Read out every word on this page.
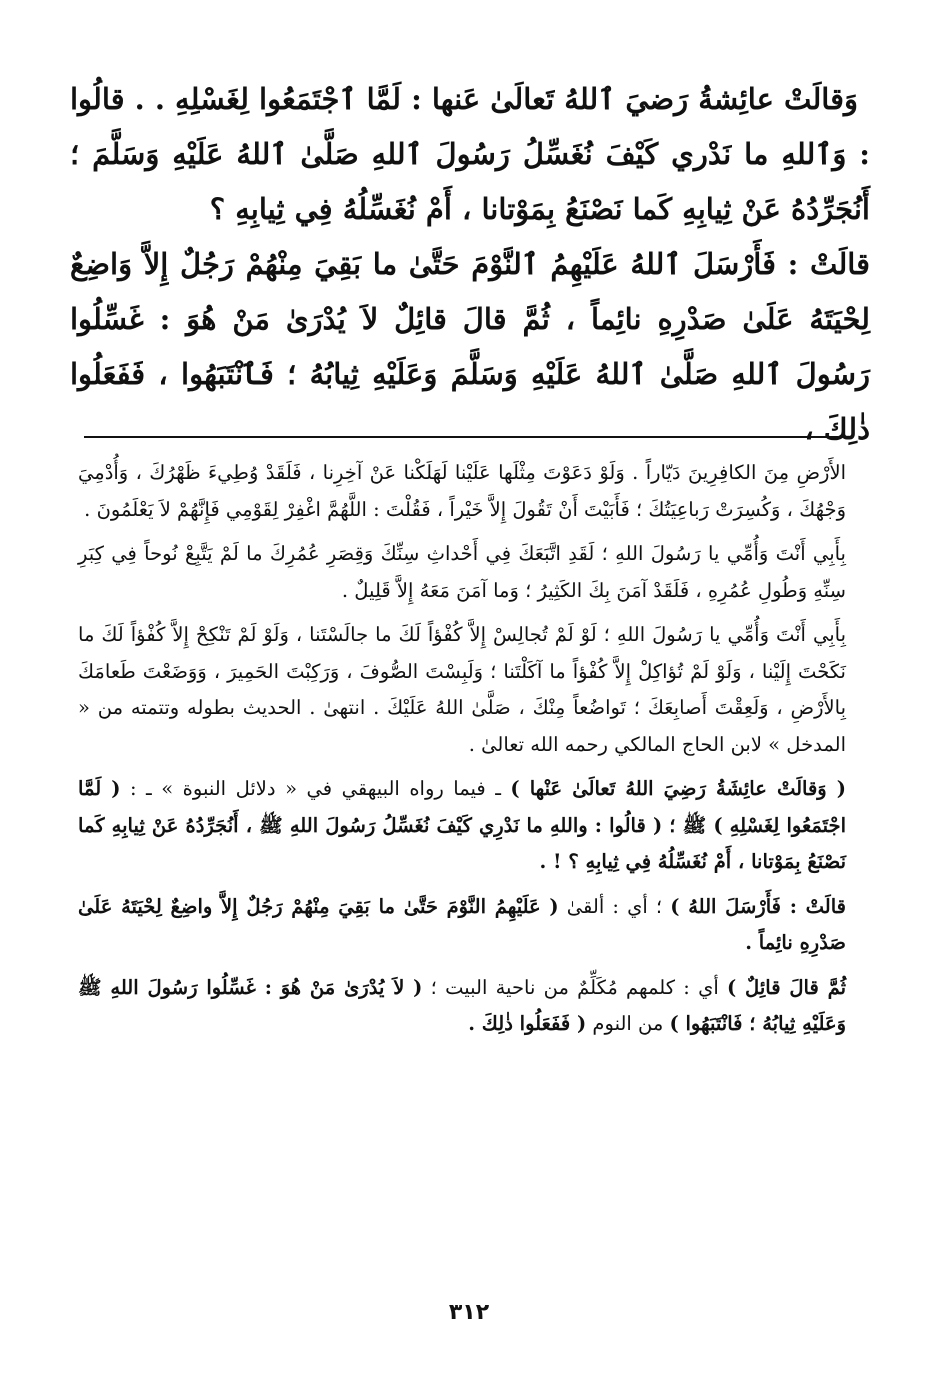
وَقالَتْ عائِشةُ رَضيَ ٱللهُ تَعالَىٰ عَنها : لَمَّا ٱجْتَمَعُوا لِغَسْلِهِ . . قالُوا : وَٱللهِ ما نَدْري كَيْفَ نُغَسِّلُ رَسُولَ ٱللهِ صَلَّىٰ ٱللهُ عَلَيْهِ وَسَلَّمَ ؛ أَنُجَرِّدُهُ عَنْ ثِيابِهِ كَما نَصْنَعُ بِمَوْتانا ، أَمْ نُغَسِّلُهُ فِي ثِيابِهِ ؟

قالَتْ : فَأَرْسَلَ ٱللهُ عَلَيْهِمُ ٱلنَّوْمَ حَتَّىٰ ما بَقِيَ مِنْهُمْ رَجُلٌ إِلاَّ وَاضِعٌ لِحْيَتَهُ عَلَىٰ صَدْرِهِ نائِماً ، ثُمَّ قالَ قائِلٌ لاَ يُدْرَىٰ مَنْ هُوَ : غَسِّلُوا رَسُولَ ٱللهِ صَلَّىٰ ٱللهُ عَلَيْهِ وَسَلَّمَ وَعَلَيْهِ ثِيابُهُ ؛ فَٱنْتَبَهُوا ، فَفَعَلُوا ذٰلِكَ ،

الأَرْضِ مِنَ الكافِرِينَ دَيّاراً . وَلَوْ دَعَوْتَ مِثْلَها عَلَيْنا لَهَلَكْنا عَنْ آخِرِنا ، فَلَقَدْ وُطِيءَ ظَهْرُكَ ، وَأُدْمِيَ وَجْهُكَ ، وَكُسِرَتْ رَباعِيَتُكَ ؛ فَأَبَيْتَ أَنْ تَقُولَ إِلاَّ خَيْراً ، فَقُلْتَ : اللَّهُمَّ اغْفِرْ لِقَوْمِي فَإِنَّهُمْ لاَ يَعْلَمُونَ .

بِأَبِي أَنْتَ وَأُمِّي يا رَسُولَ اللهِ ؛ لَقَدِ اتَّبَعَكَ فِي أَحْداثِ سِنِّكَ وَقِصَرِ عُمُرِكَ ما لَمْ يَتَّبِعْ نُوحاً فِي كِبَرِ سِنِّهِ وَطُولِ عُمُرِهِ ، فَلَقَدْ آمَنَ بِكَ الكَثِيرُ ؛ وَما آمَنَ مَعَهُ إِلاَّ قَلِيلٌ .

بِأَبِي أَنْتَ وَأُمِّي يا رَسُولَ اللهِ ؛ لَوْ لَمْ تُجالِسْ إِلاَّ كُفْؤاً لَكَ ما جالَسْتَنا ، وَلَوْ لَمْ تَنْكِحْ إِلاَّ كُفْؤاً لَكَ ما نَكَحْتَ إِلَيْنا ، وَلَوْ لَمْ تُؤاكِلْ إِلاَّ كُفْؤاً ما آكَلْتَنا ؛ وَلَبِسْتَ الصُّوفَ ، وَرَكِبْتَ الحَمِيرَ ، وَوَضَعْتَ طَعامَكَ بِالأَرْضِ ، وَلَعِقْتَ أَصابِعَكَ ؛ تَواضُعاً مِنْكَ ، صَلَّىٰ اللهُ عَلَيْكَ . انتهىٰ . الحديث بطوله وتتمته من « المدخل » لابن الحاج المالكي رحمه الله تعالىٰ .

( وَقالَتْ عائِشَةُ رَضِيَ اللهُ تَعالَىٰ عَنْها ) ـ فيما رواه البيهقي في « دلائل النبوة » ـ : ( لَمَّا اجْتَمَعُوا لِغَسْلِهِ ) ﷺ ؛ ( قالُوا : واللهِ ما نَدْرِي كَيْفَ نُغَسِّلُ رَسُولَ اللهِ ﷺ ، أَنُجَرِّدُهُ عَنْ ثِيابِهِ كَما نَصْنَعُ بِمَوْتانا ، أَمْ نُغَسِّلُهُ فِي ثِيابِهِ ؟ ! .

قالَتْ : فَأَرْسَلَ اللهُ ) ؛ أي : ألقىٰ ( عَلَيْهِمُ النَّوْمَ حَتَّىٰ ما بَقِيَ مِنْهُمْ رَجُلٌ إِلاَّ واضِعٌ لِحْيَتَهُ عَلَىٰ صَدْرِهِ نائِماً .

ثُمَّ قالَ قائِلٌ ) أي : كلمهم مُكَلِّمٌ من ناحية البيت ؛ ( لاَ يُدْرَىٰ مَنْ هُوَ : غَسِّلُوا رَسُولَ اللهِ ﷺ وَعَلَيْهِ ثِيابُهُ ؛ فَانْتَبَهُوا ) من النوم ( فَفَعَلُوا ذٰلِكَ .

٣١٢
